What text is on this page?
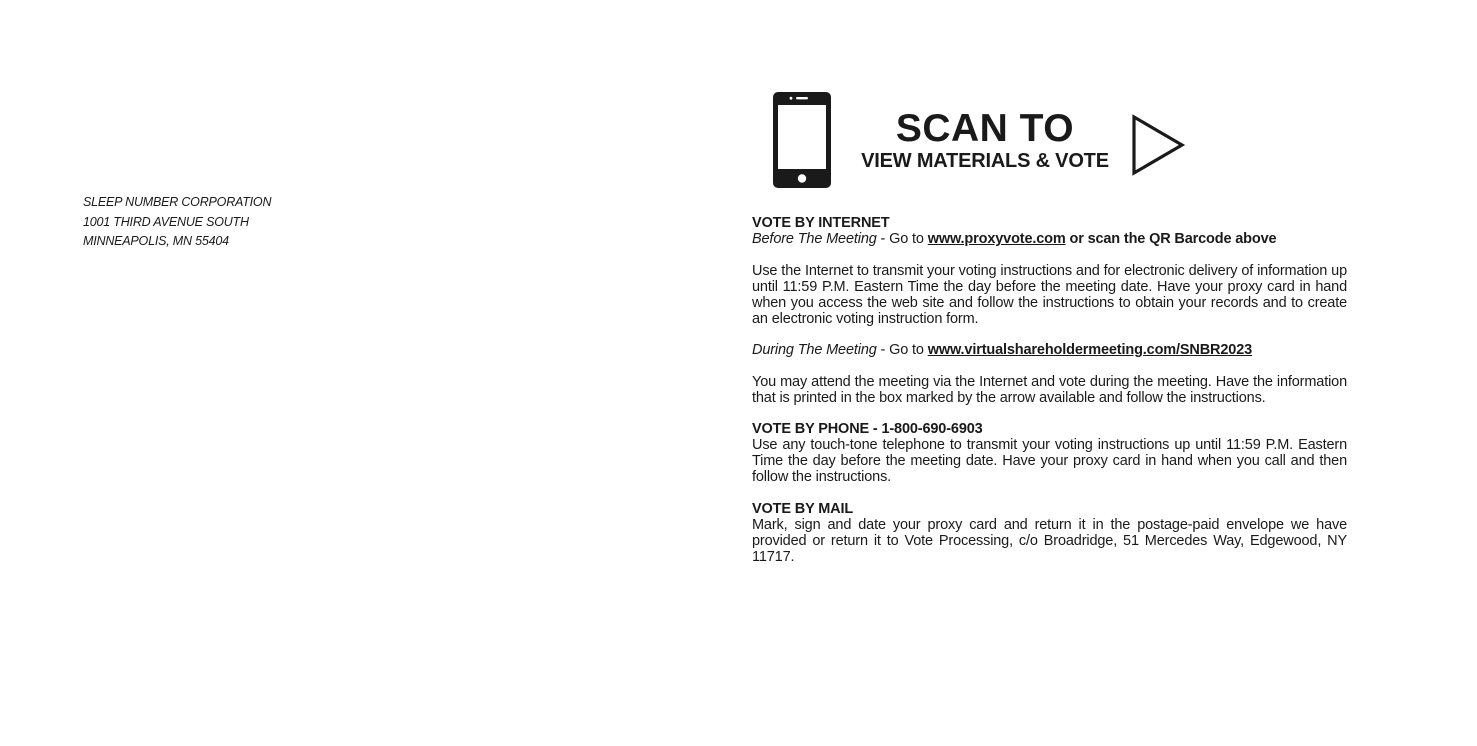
SLEEP NUMBER CORPORATION
1001 THIRD AVENUE SOUTH
MINNEAPOLIS, MN 55404
SCAN TO
VIEW MATERIALS & VOTE

VOTE BY INTERNET

Before The Meeting - Go to www.proxyvote.com or scan the QR Barcode above

Use the Internet to transmit your voting instructions and for electronic delivery of information up until 11:59 P.M. Eastern Time the day before the meeting date. Have your proxy card in hand when you access the web site and follow the instructions to obtain your records and to create an electronic voting instruction form.

During The Meeting - Go to www.virtualshareholdermeeting.com/SNBR2023

You may attend the meeting via the Internet and vote during the meeting. Have the information that is printed in the box marked by the arrow available and follow the instructions.

VOTE BY PHONE - 1-800-690-6903

Use any touch-tone telephone to transmit your voting instructions up until 11:59 P.M. Eastern Time the day before the meeting date. Have your proxy card in hand when you call and then follow the instructions.

VOTE BY MAIL

Mark, sign and date your proxy card and return it in the postage-paid envelope we have provided or return it to Vote Processing, c/o Broadridge, 51 Mercedes Way, Edgewood, NY 11717.
